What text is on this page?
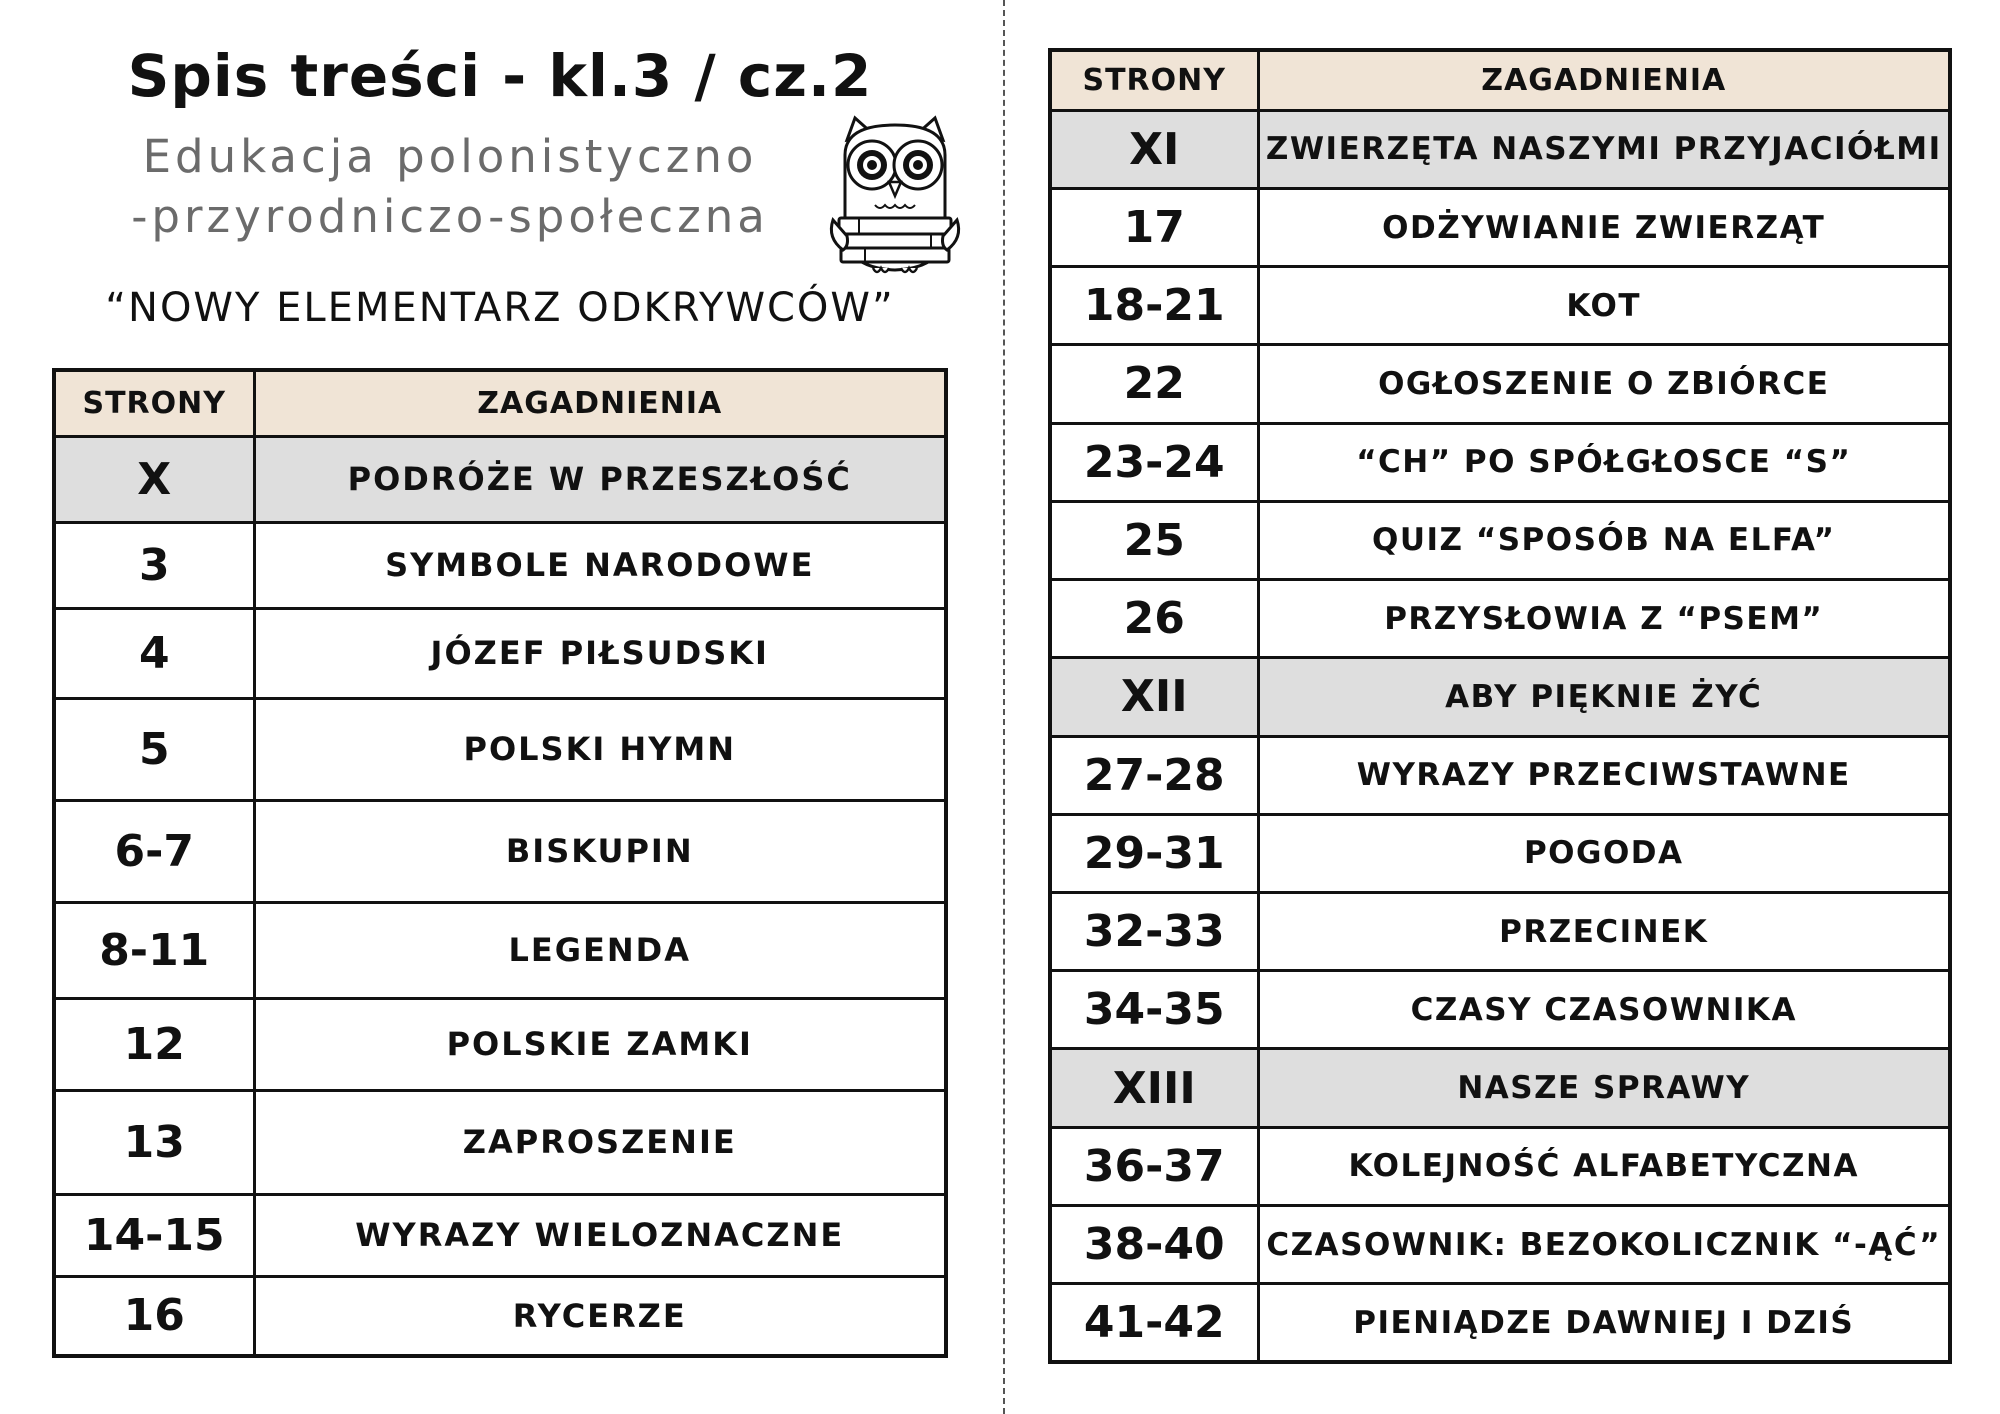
Spis treści - kl.3 / cz.2
Edukacja polonistyczno
-przyrodniczo-społeczna
“NOWY ELEMENTARZ ODKRYWCÓW”
STRONY	ZAGADNIENIA
X	PODRÓŻE W PRZESZŁOŚĆ
3	SYMBOLE NARODOWE
4	JÓZEF PIŁSUDSKI
5	POLSKI HYMN
6-7	BISKUPIN
8-11	LEGENDA
12	POLSKIE ZAMKI
13	ZAPROSZENIE
14-15	WYRAZY WIELOZNACZNE
16	RYCERZE
STRONY	ZAGADNIENIA
XI	ZWIERZĘTA NASZYMI PRZYJACIÓŁMI
17	ODŻYWIANIE ZWIERZĄT
18-21	KOT
22	OGŁOSZENIE O ZBIÓRCE
23-24	“CH” PO SPÓŁGŁOSCE “S”
25	QUIZ “SPOSÓB NA ELFA”
26	PRZYSŁOWIA Z “PSEM”
XII	ABY PIĘKNIE ŻYĆ
27-28	WYRAZY PRZECIWSTAWNE
29-31	POGODA
32-33	PRZECINEK
34-35	CZASY CZASOWNIKA
XIII	NASZE SPRAWY
36-37	KOLEJNOŚĆ ALFABETYCZNA
38-40	CZASOWNIK: BEZOKOLICZNIK “-ĄĆ”
41-42	PIENIĄDZE DAWNIEJ I DZIŚ
